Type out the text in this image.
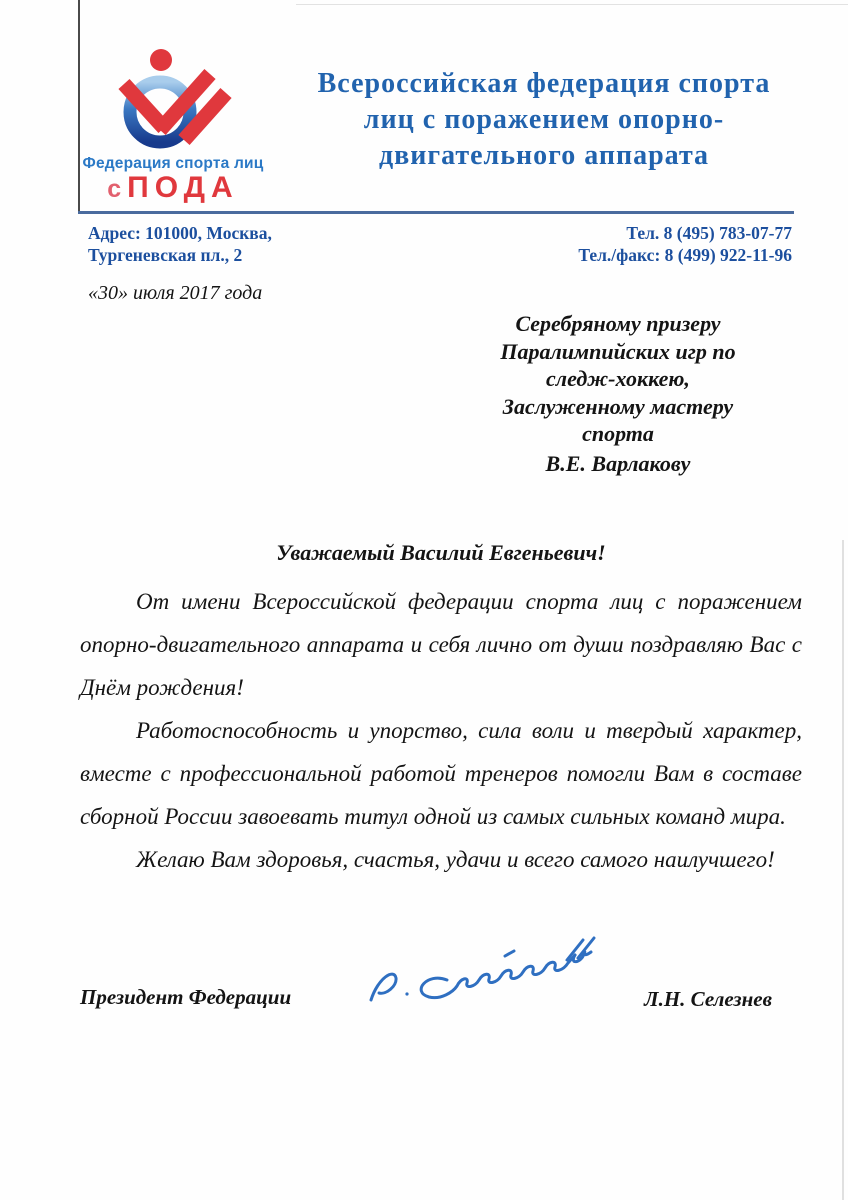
Федерация спорта лиц
сПОДА
Всероссийская федерация спорта
лиц с поражением опорно-
двигательного аппарата
Адрес: 101000, Москва,
Тургеневская пл., 2
Тел. 8 (495) 783-07-77
Тел./факс: 8 (499) 922-11-96
«30» июля 2017 года
Серебряному призеру
Паралимпийских игр по
следж-хоккею,
Заслуженному мастеру
спорта
В.Е. Варлакову
Уважаемый Василий Евгеньевич!

От имени Всероссийской федерации спорта лиц с поражением опорно-двигательного аппарата и себя лично от души поздравляю Вас с Днём рождения!

Работоспособность и упорство, сила воли и твердый характер, вместе с профессиональной работой тренеров помогли Вам в составе сборной России завоевать титул одной из самых сильных команд мира.

Желаю Вам здоровья, счастья, удачи и всего самого наилучшего!

Президент Федерации	Л.Н. Селезнев
